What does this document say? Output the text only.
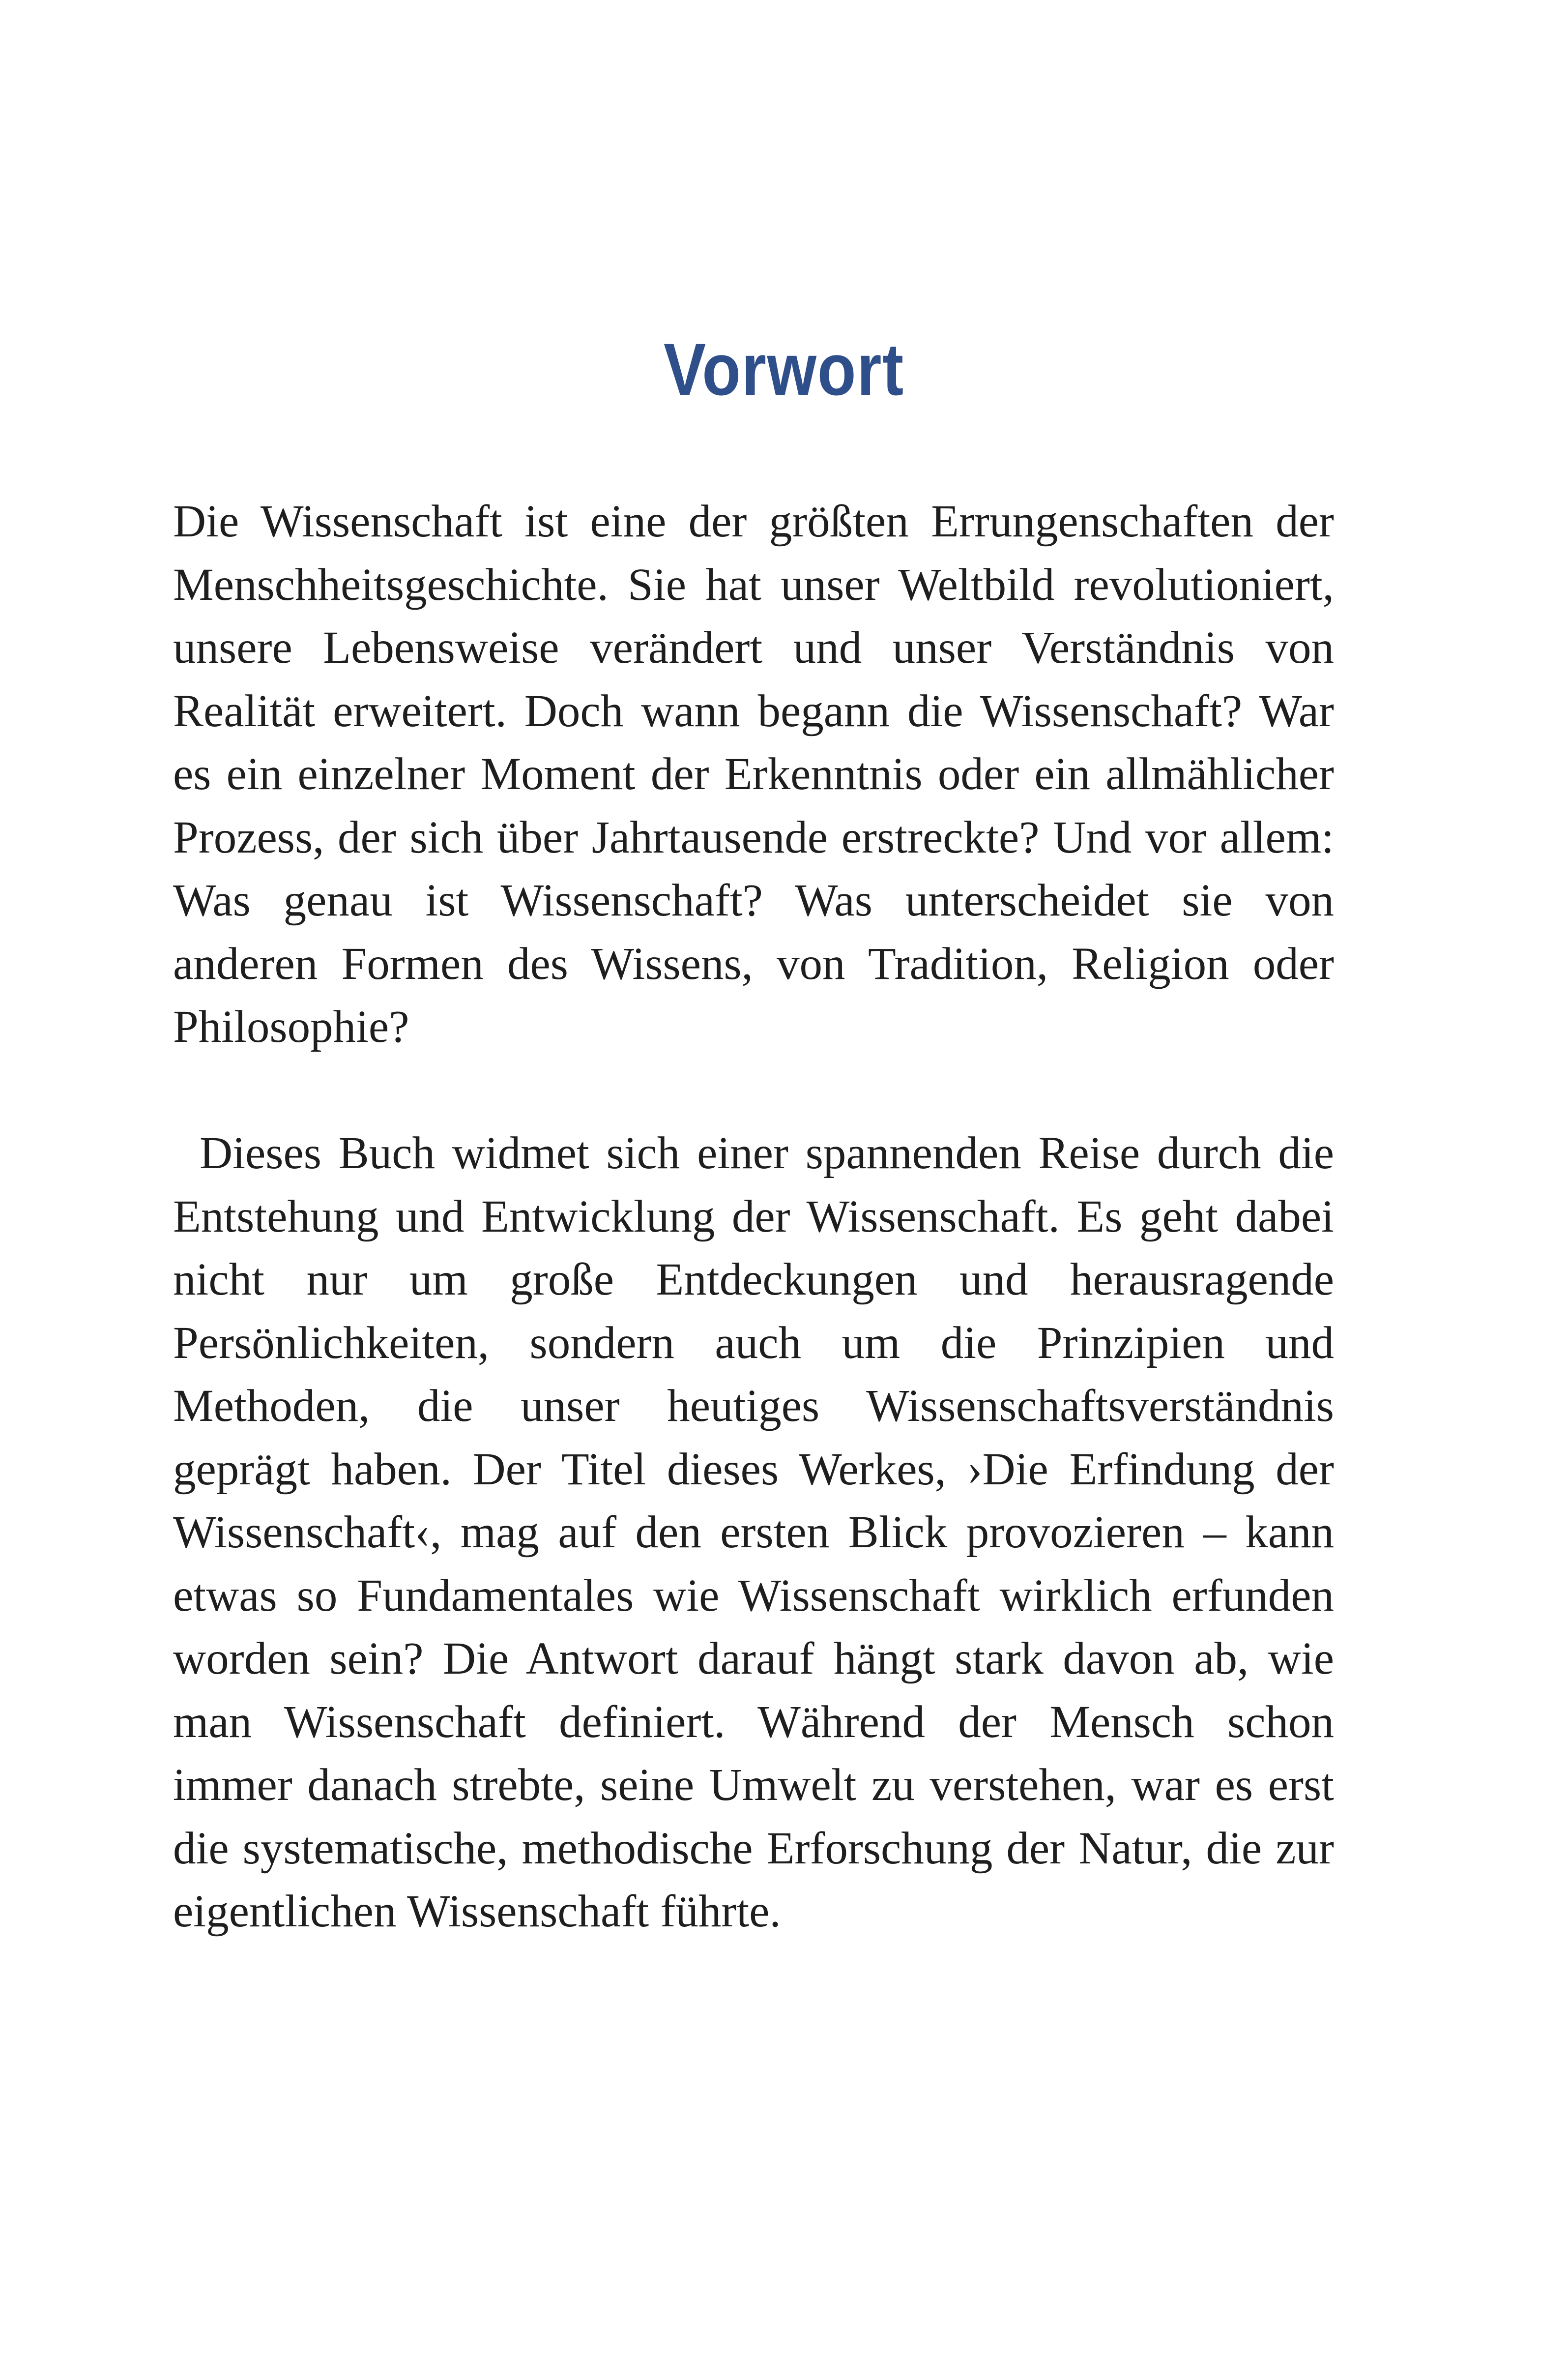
Vorwort

Die Wissenschaft ist eine der größten Errungenschaften der Menschheitsgeschichte. Sie hat unser Weltbild revolutioniert, unsere Lebensweise verändert und unser Verständnis von Realität erweitert. Doch wann begann die Wissenschaft? War es ein einzelner Moment der Erkenntnis oder ein allmählicher Prozess, der sich über Jahrtausende erstreckte? Und vor allem: Was genau ist Wissenschaft? Was unterscheidet sie von anderen Formen des Wissens, von Tradition, Religion oder Philosophie?

Dieses Buch widmet sich einer spannenden Reise durch die Entstehung und Entwicklung der Wissenschaft. Es geht dabei nicht nur um große Entdeckungen und herausragende Persönlichkeiten, sondern auch um die Prinzipien und Methoden, die unser heutiges Wissenschaftsverständnis geprägt haben. Der Titel dieses Werkes, ›Die Erfindung der Wissenschaft‹, mag auf den ersten Blick provozieren – kann etwas so Fundamentales wie Wissenschaft wirklich erfunden worden sein? Die Antwort darauf hängt stark davon ab, wie man Wissenschaft definiert. Während der Mensch schon immer danach strebte, seine Umwelt zu verstehen, war es erst die systematische, methodische Erforschung der Natur, die zur eigentlichen Wissenschaft führte.
